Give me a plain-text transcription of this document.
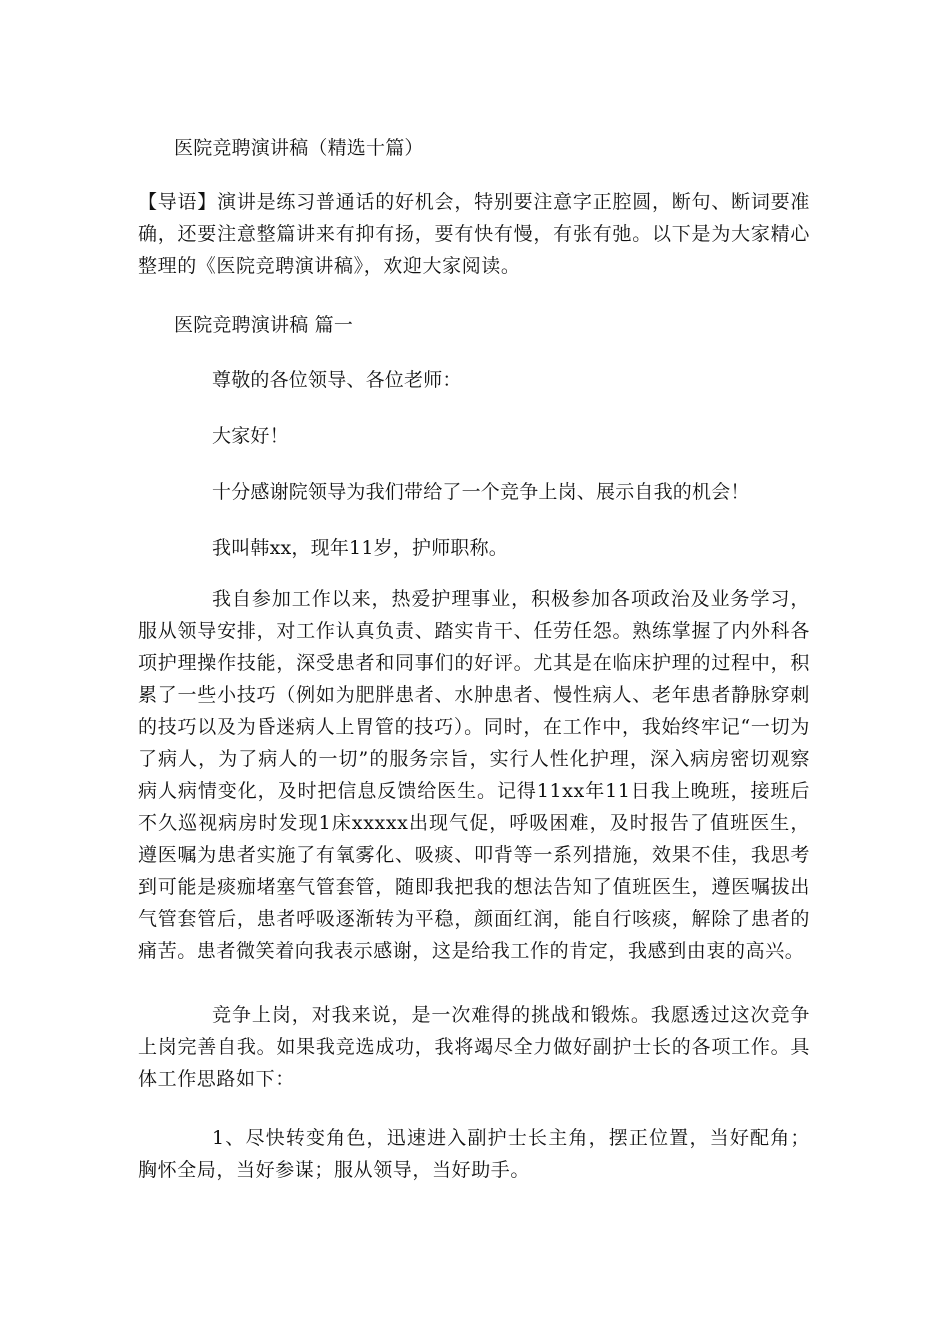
医院竞聘演讲稿（精选十篇）
【导语】演讲是练习普通话的好机会，特别要注意字正腔圆，断句、断词要准确，还要注意整篇讲来有抑有扬，要有快有慢，有张有弛。以下是为大家精心整理的《医院竞聘演讲稿》，欢迎大家阅读。
医院竞聘演讲稿 篇一
尊敬的各位领导、各位老师：
大家好！
十分感谢院领导为我们带给了一个竞争上岗、展示自我的机会！
我叫韩xx，现年11岁，护师职称。
我自参加工作以来，热爱护理事业，积极参加各项政治及业务学习，服从领导安排，对工作认真负责、踏实肯干、任劳任怨。熟练掌握了内外科各项护理操作技能，深受患者和同事们的好评。尤其是在临床护理的过程中，积累了一些小技巧（例如为肥胖患者、水肿患者、慢性病人、老年患者静脉穿刺的技巧以及为昏迷病人上胃管的技巧）。同时，在工作中，我始终牢记“一切为了病人，为了病人的一切”的服务宗旨，实行人性化护理，深入病房密切观察病人病情变化，及时把信息反馈给医生。记得11xx年11日我上晚班，接班后不久巡视病房时发现1床xxxxx出现气促，呼吸困难，及时报告了值班医生，遵医嘱为患者实施了有氧雾化、吸痰、叩背等一系列措施，效果不佳，我思考到可能是痰痂堵塞气管套管，随即我把我的想法告知了值班医生，遵医嘱拔出气管套管后，患者呼吸逐渐转为平稳，颜面红润，能自行咳痰，解除了患者的痛苦。患者微笑着向我表示感谢，这是给我工作的肯定，我感到由衷的高兴。
竞争上岗，对我来说，是一次难得的挑战和锻炼。我愿透过这次竞争上岗完善自我。如果我竞选成功，我将竭尽全力做好副护士长的各项工作。具体工作思路如下：
1、尽快转变角色，迅速进入副护士长主角，摆正位置，当好配角；胸怀全局，当好参谋；服从领导，当好助手。
